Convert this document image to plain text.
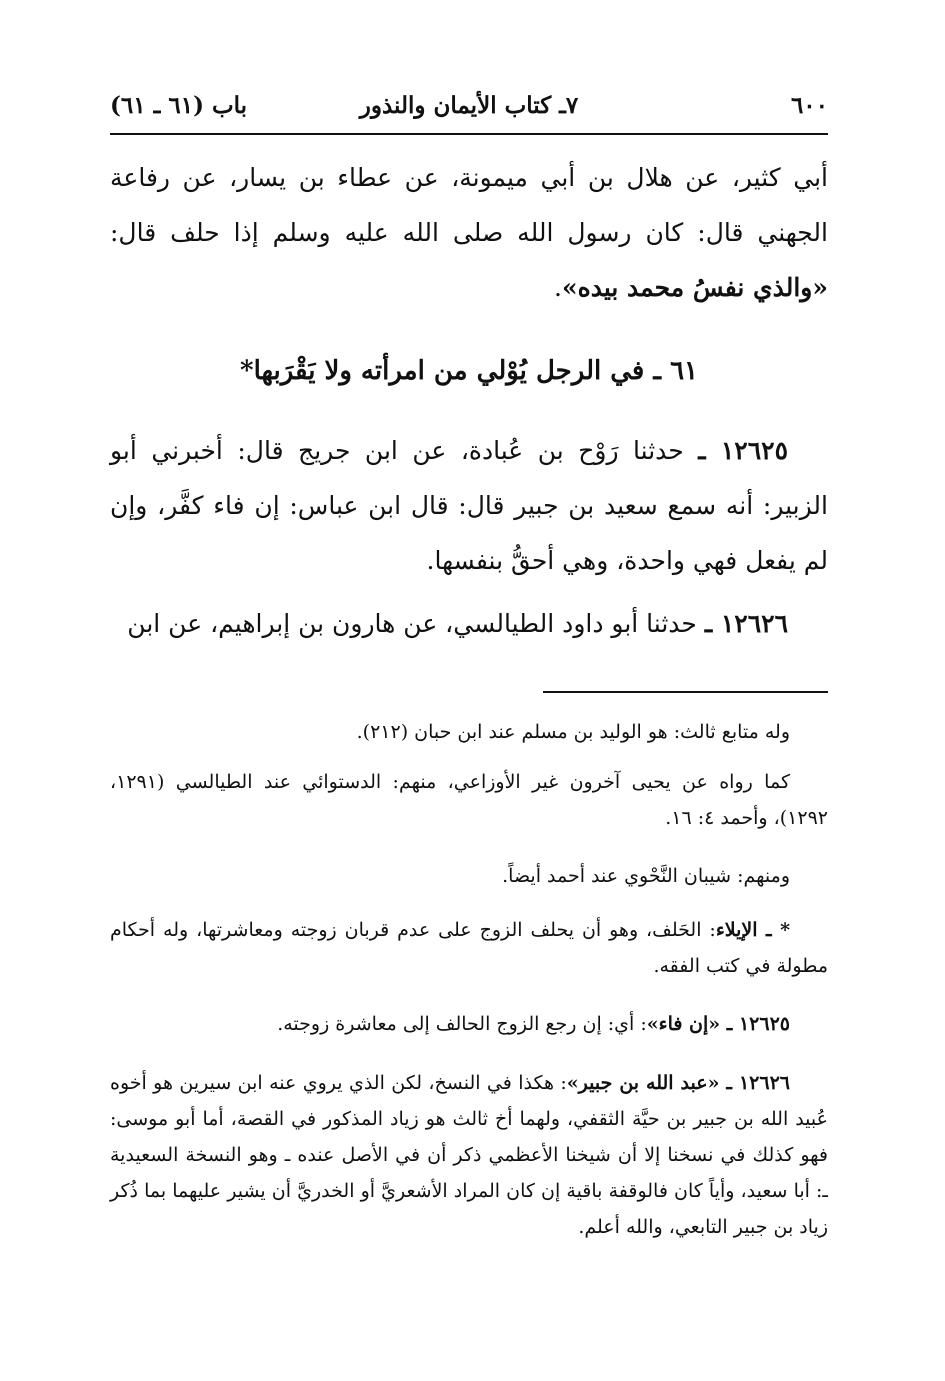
٦٠٠
٧ـ كتاب الأيمان والنذور
باب (٦١ ـ ٦١)

أبي كثير، عن هلال بن أبي ميمونة، عن عطاء بن يسار، عن رفاعة الجهني قال: كان رسول الله صلى الله عليه وسلم إذا حلف قال: «والذي نفسُ محمد بيده».

٦١ ـ في الرجل يُوْلي من امرأته ولا يَقْرَبها*

١٢٦٢٥ ـ حدثنا رَوْح بن عُبادة، عن ابن جريج قال: أخبرني أبو الزبير: أنه سمع سعيد بن جبير قال: قال ابن عباس: إن فاء كفَّر، وإن لم يفعل فهي واحدة، وهي أحقُّ بنفسها.

١٢٦٢٦ ـ حدثنا أبو داود الطيالسي، عن هارون بن إبراهيم، عن ابن

وله متابع ثالث: هو الوليد بن مسلم عند ابن حبان (٢١٢).

كما رواه عن يحيى آخرون غير الأوزاعي، منهم: الدستوائي عند الطيالسي (١٢٩١، ١٢٩٢)، وأحمد ٤: ١٦.

ومنهم: شيبان النَّحْوي عند أحمد أيضاً.

* ـ الإيلاء: الحَلف، وهو أن يحلف الزوج على عدم قربان زوجته ومعاشرتها، وله أحكام مطولة في كتب الفقه.

١٢٦٢٥ ـ «إن فاء»: أي: إن رجع الزوج الحالف إلى معاشرة زوجته.

١٢٦٢٦ ـ «عبد الله بن جبير»: هكذا في النسخ، لكن الذي يروي عنه ابن سيرين هو أخوه عُبيد الله بن جبير بن حيَّة الثقفي، ولهما أخ ثالث هو زياد المذكور في القصة، أما أبو موسى: فهو كذلك في نسخنا إلا أن شيخنا الأعظمي ذكر أن في الأصل عنده ـ وهو النسخة السعيدية ـ: أبا سعيد، وأياً كان فالوقفة باقية إن كان المراد الأشعريَّ أو الخدريَّ أن يشير عليهما بما ذُكر زياد بن جبير التابعي، والله أعلم.
